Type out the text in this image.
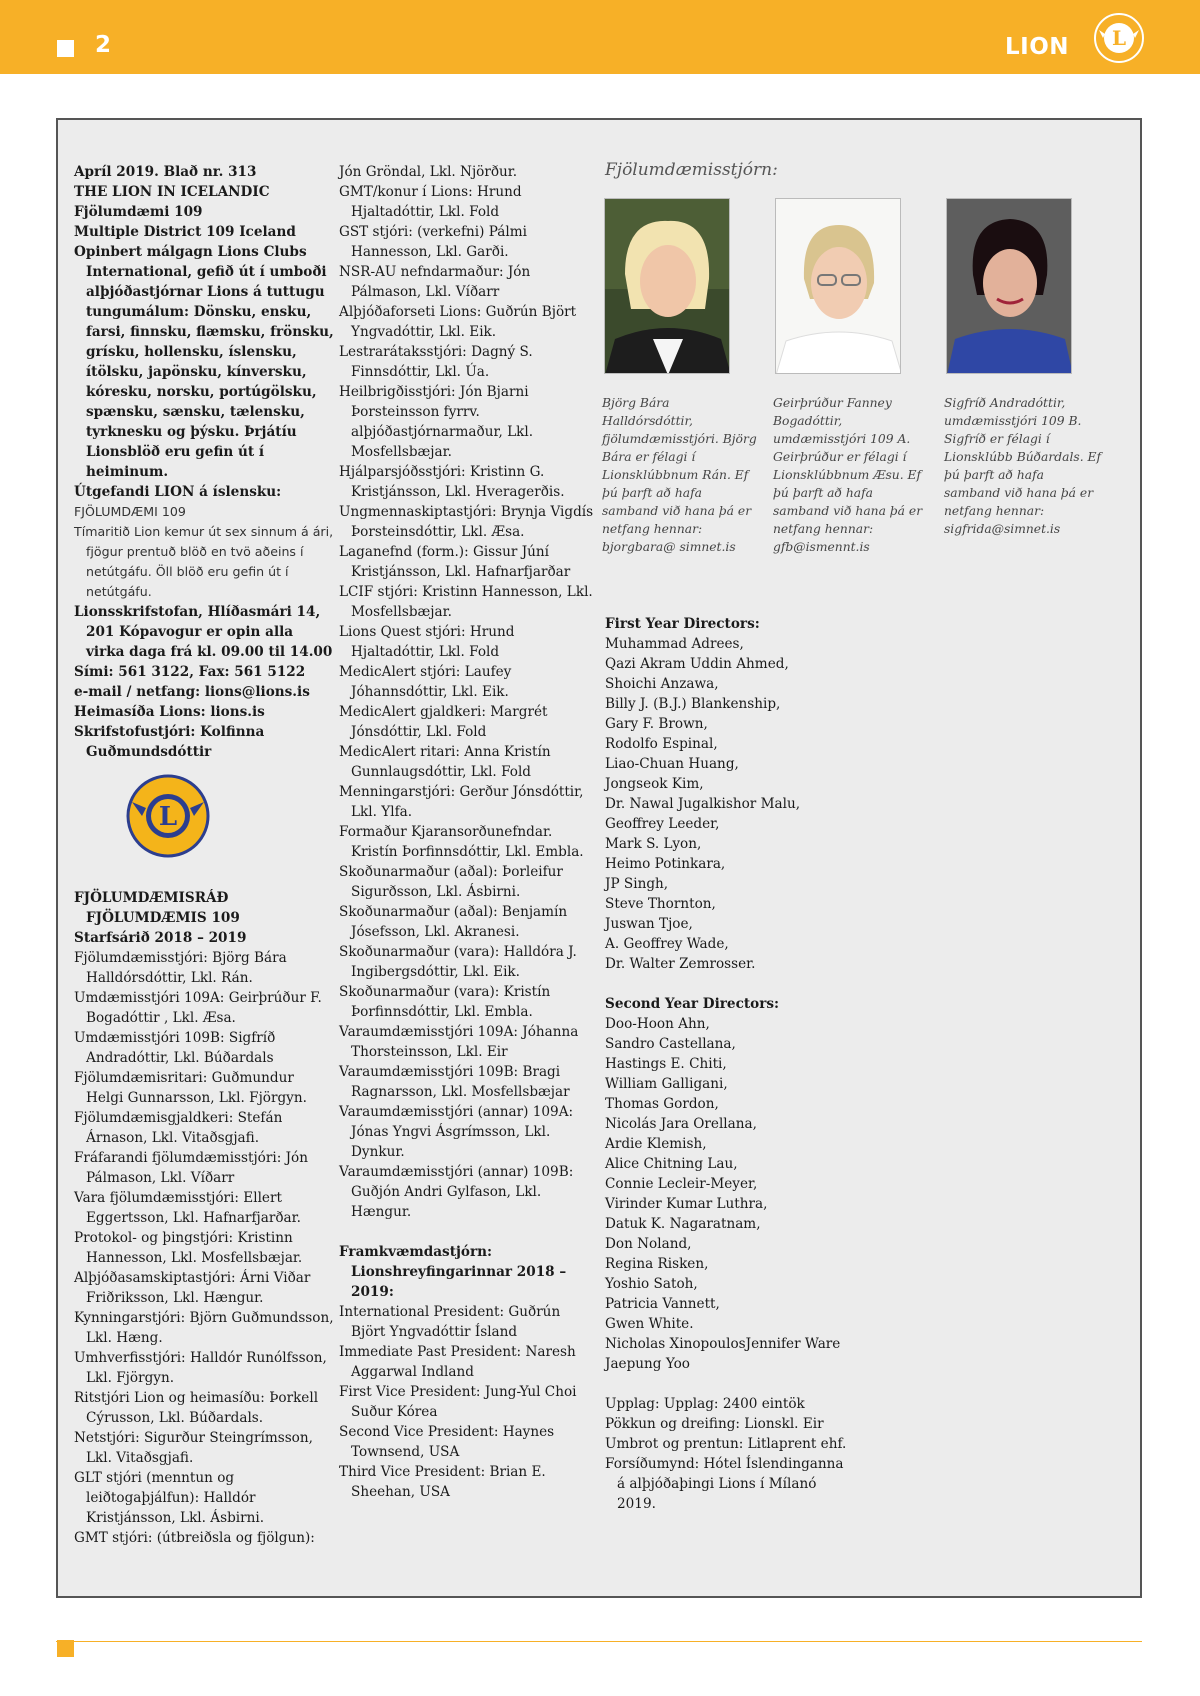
2	LION L

Apríl 2019. Blað nr. 313

THE LION IN ICELANDIC

Fjölumdæmi 109

Multiple District 109 Iceland

Opinbert málgagn Lions Clubs International, gefið út í umboði alþjóðastjórnar Lions á tuttugu tungumálum: Dönsku, ensku, farsi, finnsku, flæmsku, frönsku, grísku, hollensku, íslensku, ítölsku, japönsku, kínversku, kóresku, norsku, portúgölsku, spænsku, sænsku, tælensku, tyrknesku og þýsku. Þrjátíu Lionsblöð eru gefin út í heiminum.

Útgefandi LION á íslensku:

FJÖLUMDÆMI 109

Tímaritið Lion kemur út sex sinnum á ári, fjögur prentuð blöð en tvö aðeins í netútgáfu. Öll blöð eru gefin út í netútgáfu.

Lionsskrifstofan, Hlíðasmári 14, 201 Kópavogur er opin alla virka daga frá kl. 09.00 til 14.00

Sími: 561 3122, Fax: 561 5122

e-mail / netfang: lions@lions.is

Heimasíða Lions: lions.is

Skrifstofustjóri: Kolfinna Guðmundsdóttir

L

FJÖLUMDÆMISRÁÐ FJÖLUMDÆMIS 109

Starfsárið 2018 – 2019

Fjölumdæmisstjóri: Björg Bára Halldórsdóttir, Lkl. Rán.

Umdæmisstjóri 109A: Geirþrúður F. Bogadóttir , Lkl. Æsa.

Umdæmisstjóri 109B: Sigfríð Andradóttir, Lkl. Búðardals

Fjölumdæmisritari: Guðmundur Helgi Gunnarsson, Lkl. Fjörgyn.

Fjölumdæmisgjaldkeri: Stefán Árnason, Lkl. Vitaðsgjafi.

Fráfarandi fjölumdæmisstjóri: Jón Pálmason, Lkl. Víðarr

Vara fjölumdæmisstjóri: Ellert Eggertsson, Lkl. Hafnarfjarðar.

Protokol- og þingstjóri: Kristinn Hannesson, Lkl. Mosfellsbæjar.

Alþjóðasamskiptastjóri: Árni Viðar Friðriksson, Lkl. Hængur.

Kynningarstjóri: Björn Guðmundsson, Lkl. Hæng.

Umhverfisstjóri: Halldór Runólfsson, Lkl. Fjörgyn.

Ritstjóri Lion og heimasíðu: Þorkell Cýrusson, Lkl. Búðardals.

Netstjóri: Sigurður Steingrímsson, Lkl. Vitaðsgjafi.

GLT stjóri (menntun og leiðtogaþjálfun): Halldór Kristjánsson, Lkl. Ásbirni.

GMT stjóri: (útbreiðsla og fjölgun):

Jón Gröndal, Lkl. Njörður.

GMT/konur í Lions: Hrund Hjaltadóttir, Lkl. Fold

GST stjóri: (verkefni) Pálmi Hannesson, Lkl. Garði.

NSR-AU nefndarmaður: Jón Pálmason, Lkl. Víðarr

Alþjóðaforseti Lions: Guðrún Björt Yngvadóttir, Lkl. Eik.

Lestrarátaksstjóri: Dagný S. Finnsdóttir, Lkl. Úa.

Heilbrigðisstjóri: Jón Bjarni Þorsteinsson fyrrv. alþjóðastjórnarmaður, Lkl. Mosfellsbæjar.

Hjálparsjóðsstjóri: Kristinn G. Kristjánsson, Lkl. Hveragerðis.

Ungmennaskiptastjóri: Brynja Vigdís Þorsteinsdóttir, Lkl. Æsa.

Laganefnd (form.): Gissur Júní Kristjánsson, Lkl. Hafnarfjarðar

LCIF stjóri: Kristinn Hannesson, Lkl. Mosfellsbæjar.

Lions Quest stjóri: Hrund Hjaltadóttir, Lkl. Fold

MedicAlert stjóri: Laufey Jóhannsdóttir, Lkl. Eik.

MedicAlert gjaldkeri: Margrét Jónsdóttir, Lkl. Fold

MedicAlert ritari: Anna Kristín Gunnlaugsdóttir, Lkl. Fold

Menningarstjóri: Gerður Jónsdóttir, Lkl. Ylfa.

Formaður Kjaransorðunefndar. Kristín Þorfinnsdóttir, Lkl. Embla.

Skoðunarmaður (aðal): Þorleifur Sigurðsson, Lkl. Ásbirni.

Skoðunarmaður (aðal): Benjamín Jósefsson, Lkl. Akranesi.

Skoðunarmaður (vara): Halldóra J. Ingibergsdóttir, Lkl. Eik.

Skoðunarmaður (vara): Kristín Þorfinnsdóttir, Lkl. Embla.

Varaumdæmisstjóri 109A: Jóhanna Thorsteinsson, Lkl. Eir

Varaumdæmisstjóri 109B: Bragi Ragnarsson, Lkl. Mosfellsbæjar

Varaumdæmisstjóri (annar) 109A: Jónas Yngvi Ásgrímsson, Lkl. Dynkur.

Varaumdæmisstjóri (annar) 109B: Guðjón Andri Gylfason, Lkl. Hængur.

Framkvæmdastjórn: Lionshreyfingarinnar 2018 – 2019:

International President: Guðrún Björt Yngvadóttir Ísland

Immediate Past President: Naresh Aggarwal Indland

First Vice President: Jung-Yul Choi Suður Kórea

Second Vice President: Haynes Townsend, USA

Third Vice President: Brian E. Sheehan, USA

Fjölumdæmisstjórn:
Björg Bára Halldórsdóttir, fjölumdæmisstjóri. Björg Bára er félagi í Lionsklúbbnum Rán. Ef þú þarft að hafa samband við hana þá er netfang hennar: bjorgbara@ simnet.is
Geirþrúður Fanney Bogadóttir, umdæmisstjóri 109 A. Geirþrúður er félagi í Lionsklúbbnum Æsu. Ef þú þarft að hafa samband við hana þá er netfang hennar: gfb@ismennt.is
Sigfríð Andradóttir, umdæmisstjóri 109 B. Sigfríð er félagi í Lionsklúbb Búðardals. Ef þú þarft að hafa samband við hana þá er netfang hennar: sigfrida@simnet.is

First Year Directors:

Muhammad Adrees,

Qazi Akram Uddin Ahmed,

Shoichi Anzawa,

Billy J. (B.J.) Blankenship,

Gary F. Brown,

Rodolfo Espinal,

Liao-Chuan Huang,

Jongseok Kim,

Dr. Nawal Jugalkishor Malu,

Geoffrey Leeder,

Mark S. Lyon,

Heimo Potinkara,

JP Singh,

Steve Thornton,

Juswan Tjoe,

A. Geoffrey Wade,

Dr. Walter Zemrosser.

Second Year Directors:

Doo-Hoon Ahn,

Sandro Castellana,

Hastings E. Chiti,

William Galligani,

Thomas Gordon,

Nicolás Jara Orellana,

Ardie Klemish,

Alice Chitning Lau,

Connie Lecleir-Meyer,

Virinder Kumar Luthra,

Datuk K. Nagaratnam,

Don Noland,

Regina Risken,

Yoshio Satoh,

Patricia Vannett,

Gwen White.

Nicholas XinopoulosJennifer Ware

Jaepung Yoo

Upplag: Upplag: 2400 eintök

Pökkun og dreifing: Lionskl. Eir

Umbrot og prentun: Litlaprent ehf.

Forsíðumynd: Hótel Íslendinganna á alþjóðaþingi Lions í Mílanó 2019.
